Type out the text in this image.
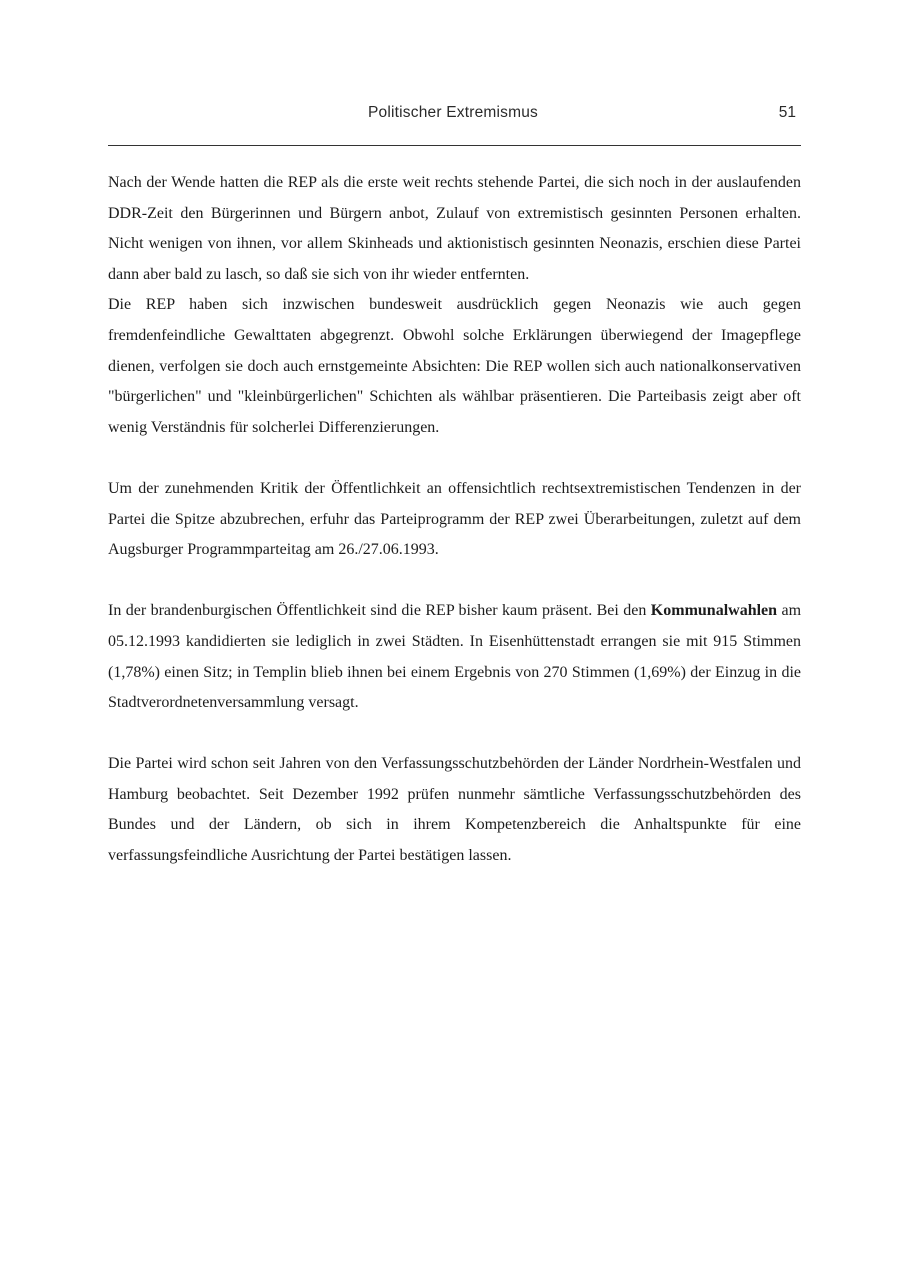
Politischer Extremismus	51

Nach der Wende hatten die REP als die erste weit rechts stehende Partei, die sich noch in der auslaufenden DDR-Zeit den Bürgerinnen und Bürgern anbot, Zulauf von extremistisch gesinnten Personen erhalten. Nicht wenigen von ihnen, vor allem Skinheads und aktionistisch gesinnten Neonazis, erschien diese Partei dann aber bald zu lasch, so daß sie sich von ihr wieder entfernten.

Die REP haben sich inzwischen bundesweit ausdrücklich gegen Neonazis wie auch gegen fremdenfeindliche Gewalttaten abgegrenzt. Obwohl solche Erklärungen überwiegend der Imagepflege dienen, verfolgen sie doch auch ernstgemeinte Absichten: Die REP wollen sich auch nationalkonservativen "bürgerlichen" und "kleinbürgerlichen" Schichten als wählbar präsentieren. Die Parteibasis zeigt aber oft wenig Verständnis für solcherlei Differenzierungen.

Um der zunehmenden Kritik der Öffentlichkeit an offensichtlich rechtsextremistischen Tendenzen in der Partei die Spitze abzubrechen, erfuhr das Parteiprogramm der REP zwei Überarbeitungen, zuletzt auf dem Augsburger Programmparteitag am 26./27.06.1993.

In der brandenburgischen Öffentlichkeit sind die REP bisher kaum präsent. Bei den Kommunalwahlen am 05.12.1993 kandidierten sie lediglich in zwei Städten. In Eisenhüttenstadt errangen sie mit 915 Stimmen (1,78%) einen Sitz; in Templin blieb ihnen bei einem Ergebnis von 270 Stimmen (1,69%) der Einzug in die Stadtverordnetenversammlung versagt.

Die Partei wird schon seit Jahren von den Verfassungsschutzbehörden der Länder Nordrhein-Westfalen und Hamburg beobachtet. Seit Dezember 1992 prüfen nunmehr sämtliche Verfassungsschutzbehörden des Bundes und der Ländern, ob sich in ihrem Kompetenzbereich die Anhaltspunkte für eine verfassungsfeindliche Ausrichtung der Partei bestätigen lassen.
